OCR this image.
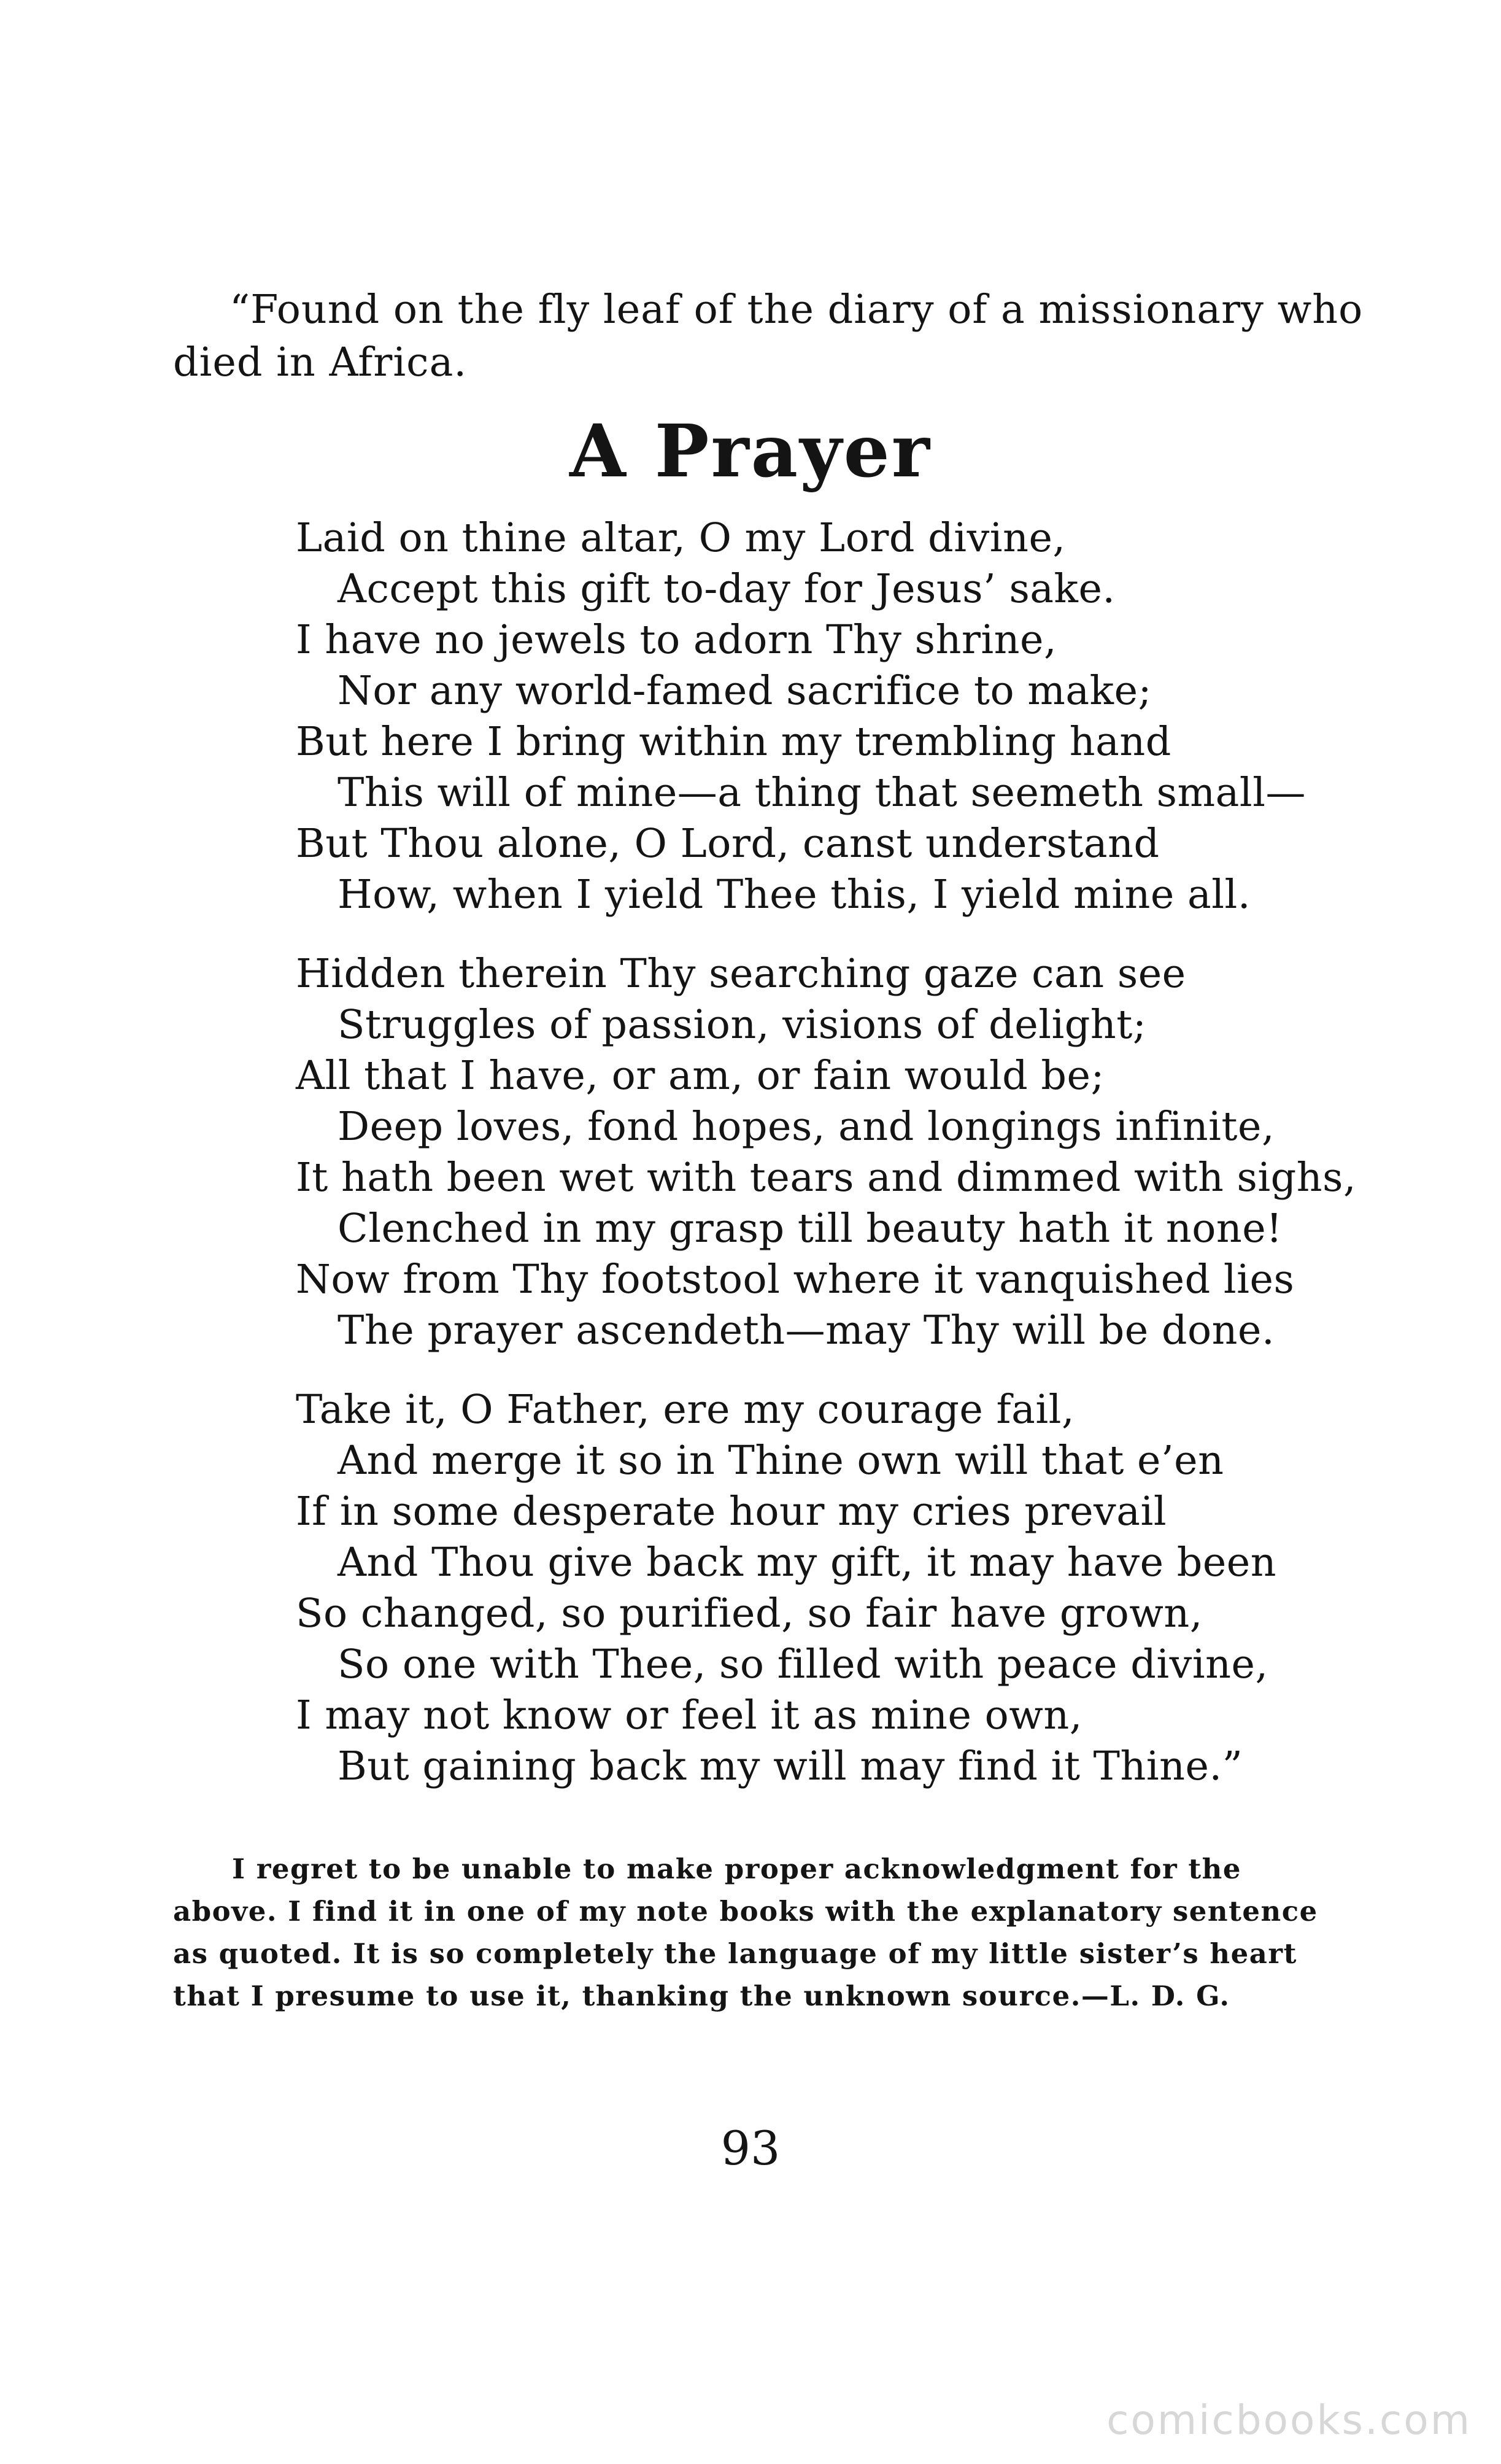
“Found on the fly leaf of the diary of a missionary who
died in Africa.
A Prayer
Laid on thine altar, O my Lord divine,
Accept this gift to-day for Jesus’ sake.
I have no jewels to adorn Thy shrine,
Nor any world-famed sacrifice to make;
But here I bring within my trembling hand
This will of mine—a thing that seemeth small—
But Thou alone, O Lord, canst understand
How, when I yield Thee this, I yield mine all.
Hidden therein Thy searching gaze can see
Struggles of passion, visions of delight;
All that I have, or am, or fain would be;
Deep loves, fond hopes, and longings infinite,
It hath been wet with tears and dimmed with sighs,
Clenched in my grasp till beauty hath it none!
Now from Thy footstool where it vanquished lies
The prayer ascendeth—may Thy will be done.
Take it, O Father, ere my courage fail,
And merge it so in Thine own will that e’en
If in some desperate hour my cries prevail
And Thou give back my gift, it may have been
So changed, so purified, so fair have grown,
So one with Thee, so filled with peace divine,
I may not know or feel it as mine own,
But gaining back my will may find it Thine.”
I regret to be unable to make proper acknowledgment for the
above. I find it in one of my note books with the explanatory sentence
as quoted. It is so completely the language of my little sister’s heart
that I presume to use it, thanking the unknown source.—L. D. G.
93
comicbooks.com
